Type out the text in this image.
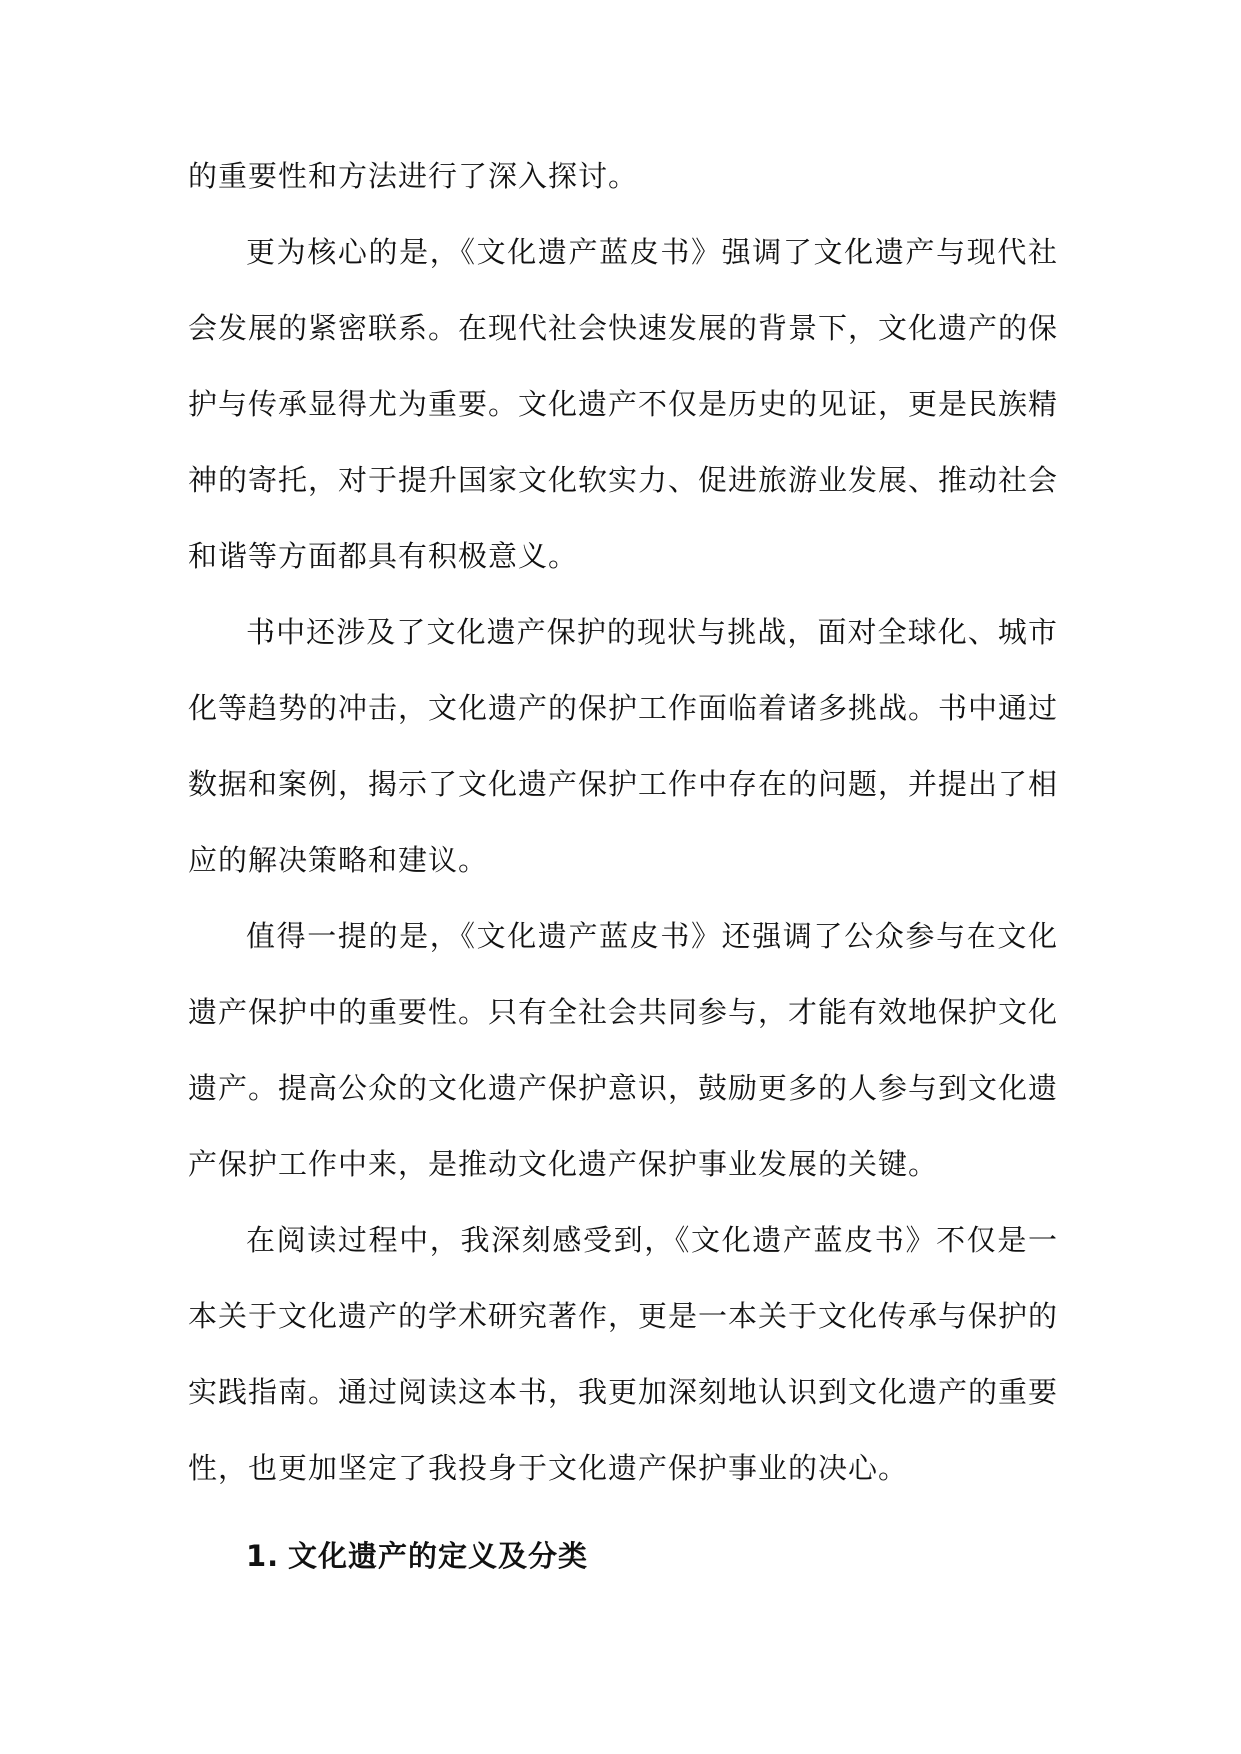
的重要性和方法进行了深入探讨。

更为核心的是，《文化遗产蓝皮书》强调了文化遗产与现代社会发展的紧密联系。在现代社会快速发展的背景下，文化遗产的保护与传承显得尤为重要。文化遗产不仅是历史的见证，更是民族精神的寄托，对于提升国家文化软实力、促进旅游业发展、推动社会和谐等方面都具有积极意义。

书中还涉及了文化遗产保护的现状与挑战，面对全球化、城市化等趋势的冲击，文化遗产的保护工作面临着诸多挑战。书中通过数据和案例，揭示了文化遗产保护工作中存在的问题，并提出了相应的解决策略和建议。

值得一提的是，《文化遗产蓝皮书》还强调了公众参与在文化遗产保护中的重要性。只有全社会共同参与，才能有效地保护文化遗产。提高公众的文化遗产保护意识，鼓励更多的人参与到文化遗产保护工作中来，是推动文化遗产保护事业发展的关键。

在阅读过程中，我深刻感受到，《文化遗产蓝皮书》不仅是一本关于文化遗产的学术研究著作，更是一本关于文化传承与保护的实践指南。通过阅读这本书，我更加深刻地认识到文化遗产的重要性，也更加坚定了我投身于文化遗产保护事业的决心。

1. 文化遗产的定义及分类
